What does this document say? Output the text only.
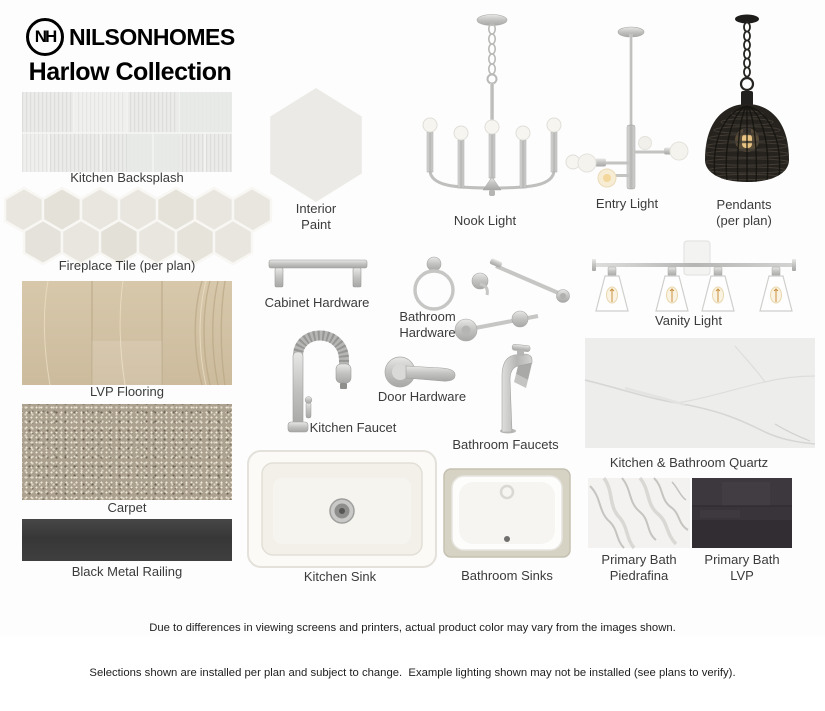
NH NILSONHOMES
Harlow Collection
Kitchen Backsplash
Fireplace Tile (per plan)
LVP Flooring
Carpet
Black Metal Railing
Interior Paint
Cabinet Hardware
Kitchen Faucet
Kitchen Sink
Nook Light
Bathroom Hardware
Door Hardware
Bathroom Faucets
Bathroom Sinks
Entry Light	Pendants (per plan)
Vanity Light
Kitchen & Bathroom Quartz
Primary Bath Piedrafina
Primary Bath LVP

Due to differences in viewing screens and printers, actual product color may vary from the images shown.

Selections shown are installed per plan and subject to change.  Example lighting shown may not be installed (see plans to verify).
